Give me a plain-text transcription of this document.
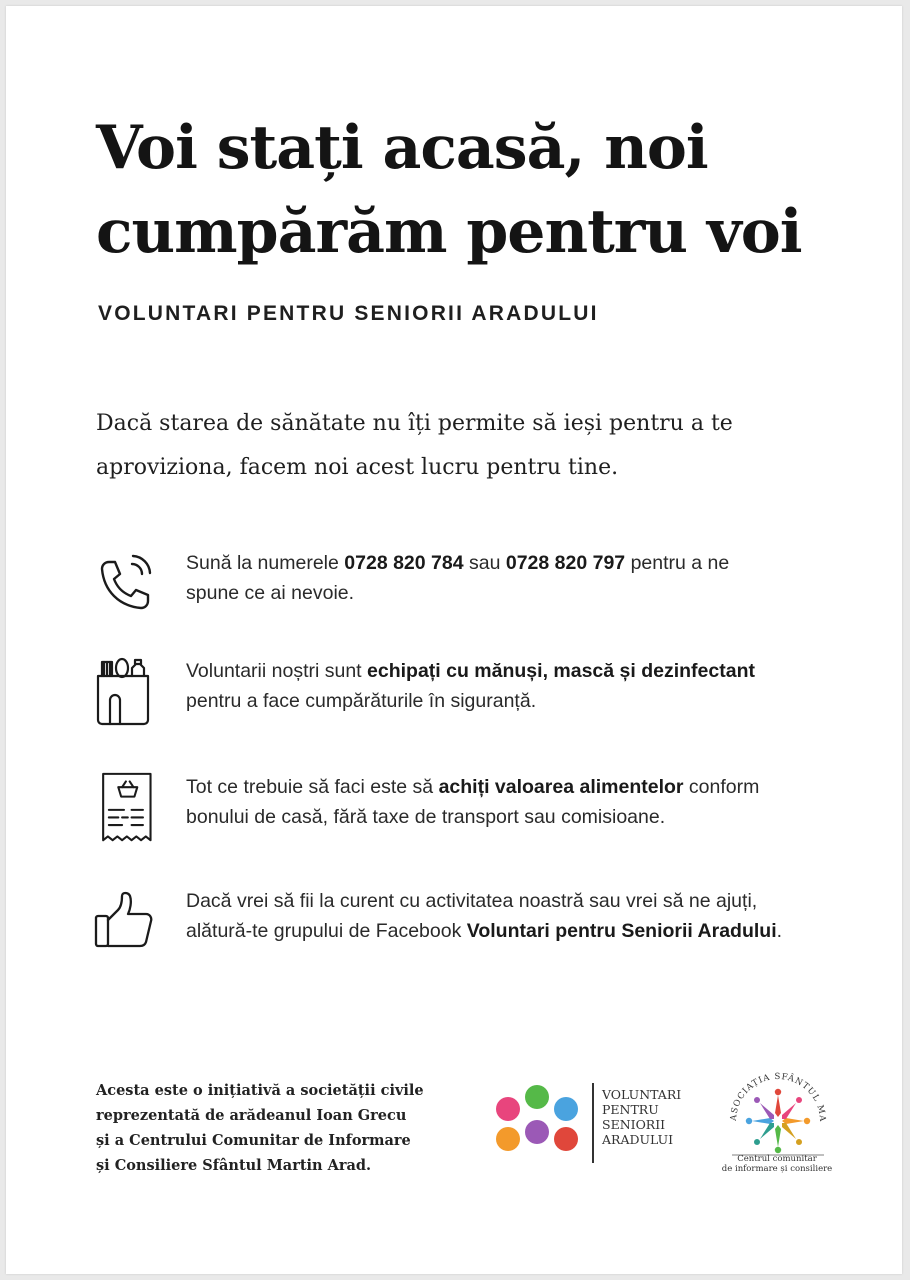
Voi stați acasă, noi
cumpărăm pentru voi
VOLUNTARI PENTRU SENIORII ARADULUI

Dacă starea de sănătate nu îți permite să ieși pentru a te
aproviziona, facem noi acest lucru pentru tine.

Sună la numerele 0728 820 784 sau 0728 820 797 pentru a ne
spune ce ai nevoie.
Voluntarii noștri sunt echipați cu mănuși, mască și dezinfectant
pentru a face cumpărăturile în siguranță.
Tot ce trebuie să faci este să achiți valoarea alimentelor conform
bonului de casă, fără taxe de transport sau comisioane.
Dacă vrei să fii la curent cu activitatea noastră sau vrei să ne ajuți,
alătură-te grupului de Facebook Voluntari pentru Seniorii Aradului.
Acesta este o inițiativă a societății civile
reprezentată de arădeanul Ioan Grecu
și a Centrului Comunitar de Informare
și Consiliere Sfântul Martin Arad.
VOLUNTARI
PENTRU
SENIORII
ARADULUI
ASOCIAȚIA SFÂNTUL MA
Centrul comunitar
de informare și consiliere
